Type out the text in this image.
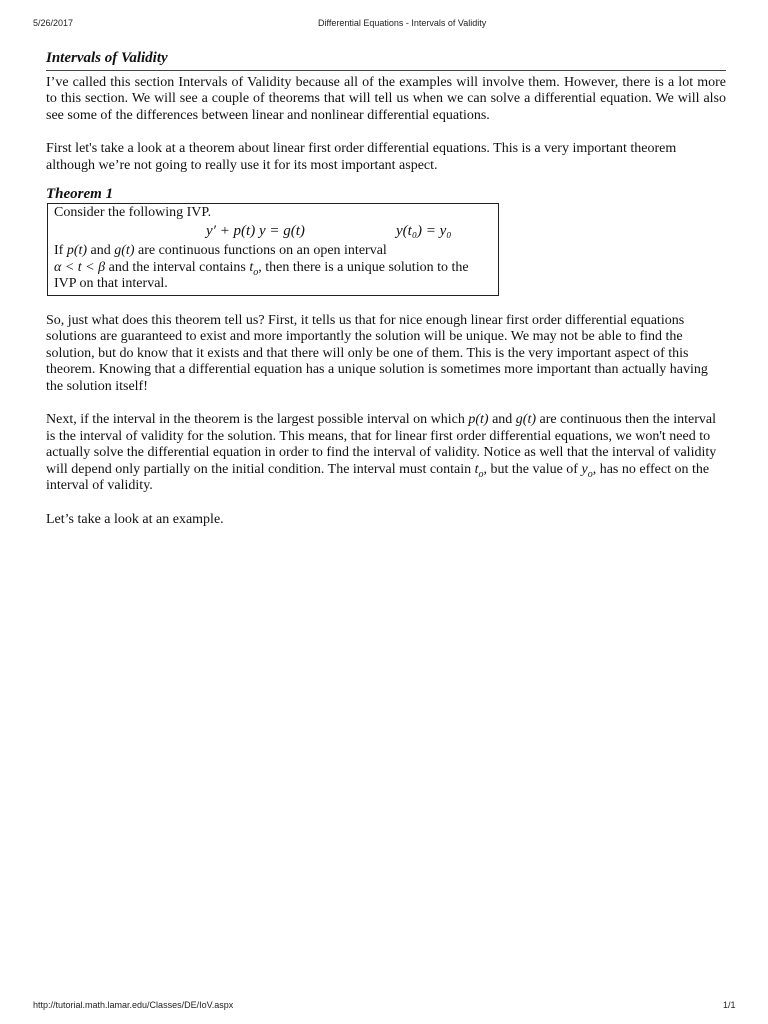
5/26/2017	Differential Equations - Intervals of Validity
Intervals of Validity

I’ve called this section Intervals of Validity because all of the examples will involve them. However, there is a lot more to this section. We will see a couple of theorems that will tell us when we can solve a differential equation. We will also see some of the differences between linear and nonlinear differential equations.

First let's take a look at a theorem about linear first order differential equations. This is a very important theorem although we’re not going to really use it for its most important aspect.

Theorem 1
Consider the following IVP.
y′ + p(t) y = g(t)	y(t₀) = y₀
If p(t) and g(t) are continuous functions on an open interval
α < t < β and the interval contains $t_o$, then there is a unique solution to the IVP on that interval.

So, just what does this theorem tell us? First, it tells us that for nice enough linear first order differential equations solutions are guaranteed to exist and more importantly the solution will be unique. We may not be able to find the solution, but do know that it exists and that there will only be one of them. This is the very important aspect of this theorem. Knowing that a differential equation has a unique solution is sometimes more important than actually having the solution itself!

Next, if the interval in the theorem is the largest possible interval on which p(t) and g(t) are continuous then the interval is the interval of validity for the solution. This means, that for linear first order differential equations, we won't need to actually solve the differential equation in order to find the interval of validity. Notice as well that the interval of validity will depend only partially on the initial condition. The interval must contain $t_o$, but the value of $y_o$, has no effect on the interval of validity.

Let’s take a look at an example.

http://tutorial.math.lamar.edu/Classes/DE/IoV.aspx	1/1
